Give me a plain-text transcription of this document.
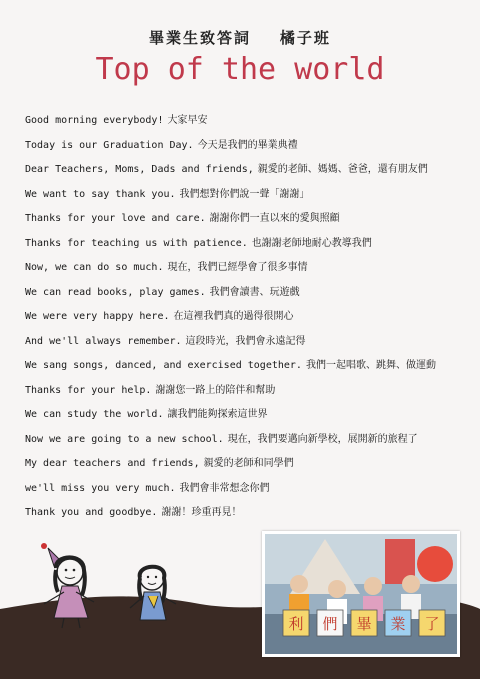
畢業生致答詞    橘子班
Top of the world
Good morning everybody! 大家早安
Today is our Graduation Day. 今天是我們的畢業典禮
Dear Teachers, Moms, Dads and friends, 親愛的老師、媽媽、爸爸，還有朋友們
We want to say thank you. 我們想對你們說一聲「謝謝」
Thanks for your love and care. 謝謝你們一直以來的愛與照顧
Thanks for teaching us with patience. 也謝謝老師地耐心教導我們
Now, we can do so much. 現在，我們已經學會了很多事情
We can read books, play games. 我們會讀書、玩遊戲
We were very happy here. 在這裡我們真的過得很開心
And we'll always remember. 這段時光，我們會永遠記得
We sang songs, danced, and exercised together. 我們一起唱歌、跳舞、做運動
Thanks for your help. 謝謝您一路上的陪伴和幫助
We can study the world. 讓我們能夠探索這世界
Now we are going to a new school. 現在，我們要邁向新學校，展開新的旅程了
My dear teachers and friends, 親愛的老師和同學們
we'll miss you very much. 我們會非常想念你們
Thank you and goodbye. 謝謝！珍重再見！
利 們 畢 業 了
